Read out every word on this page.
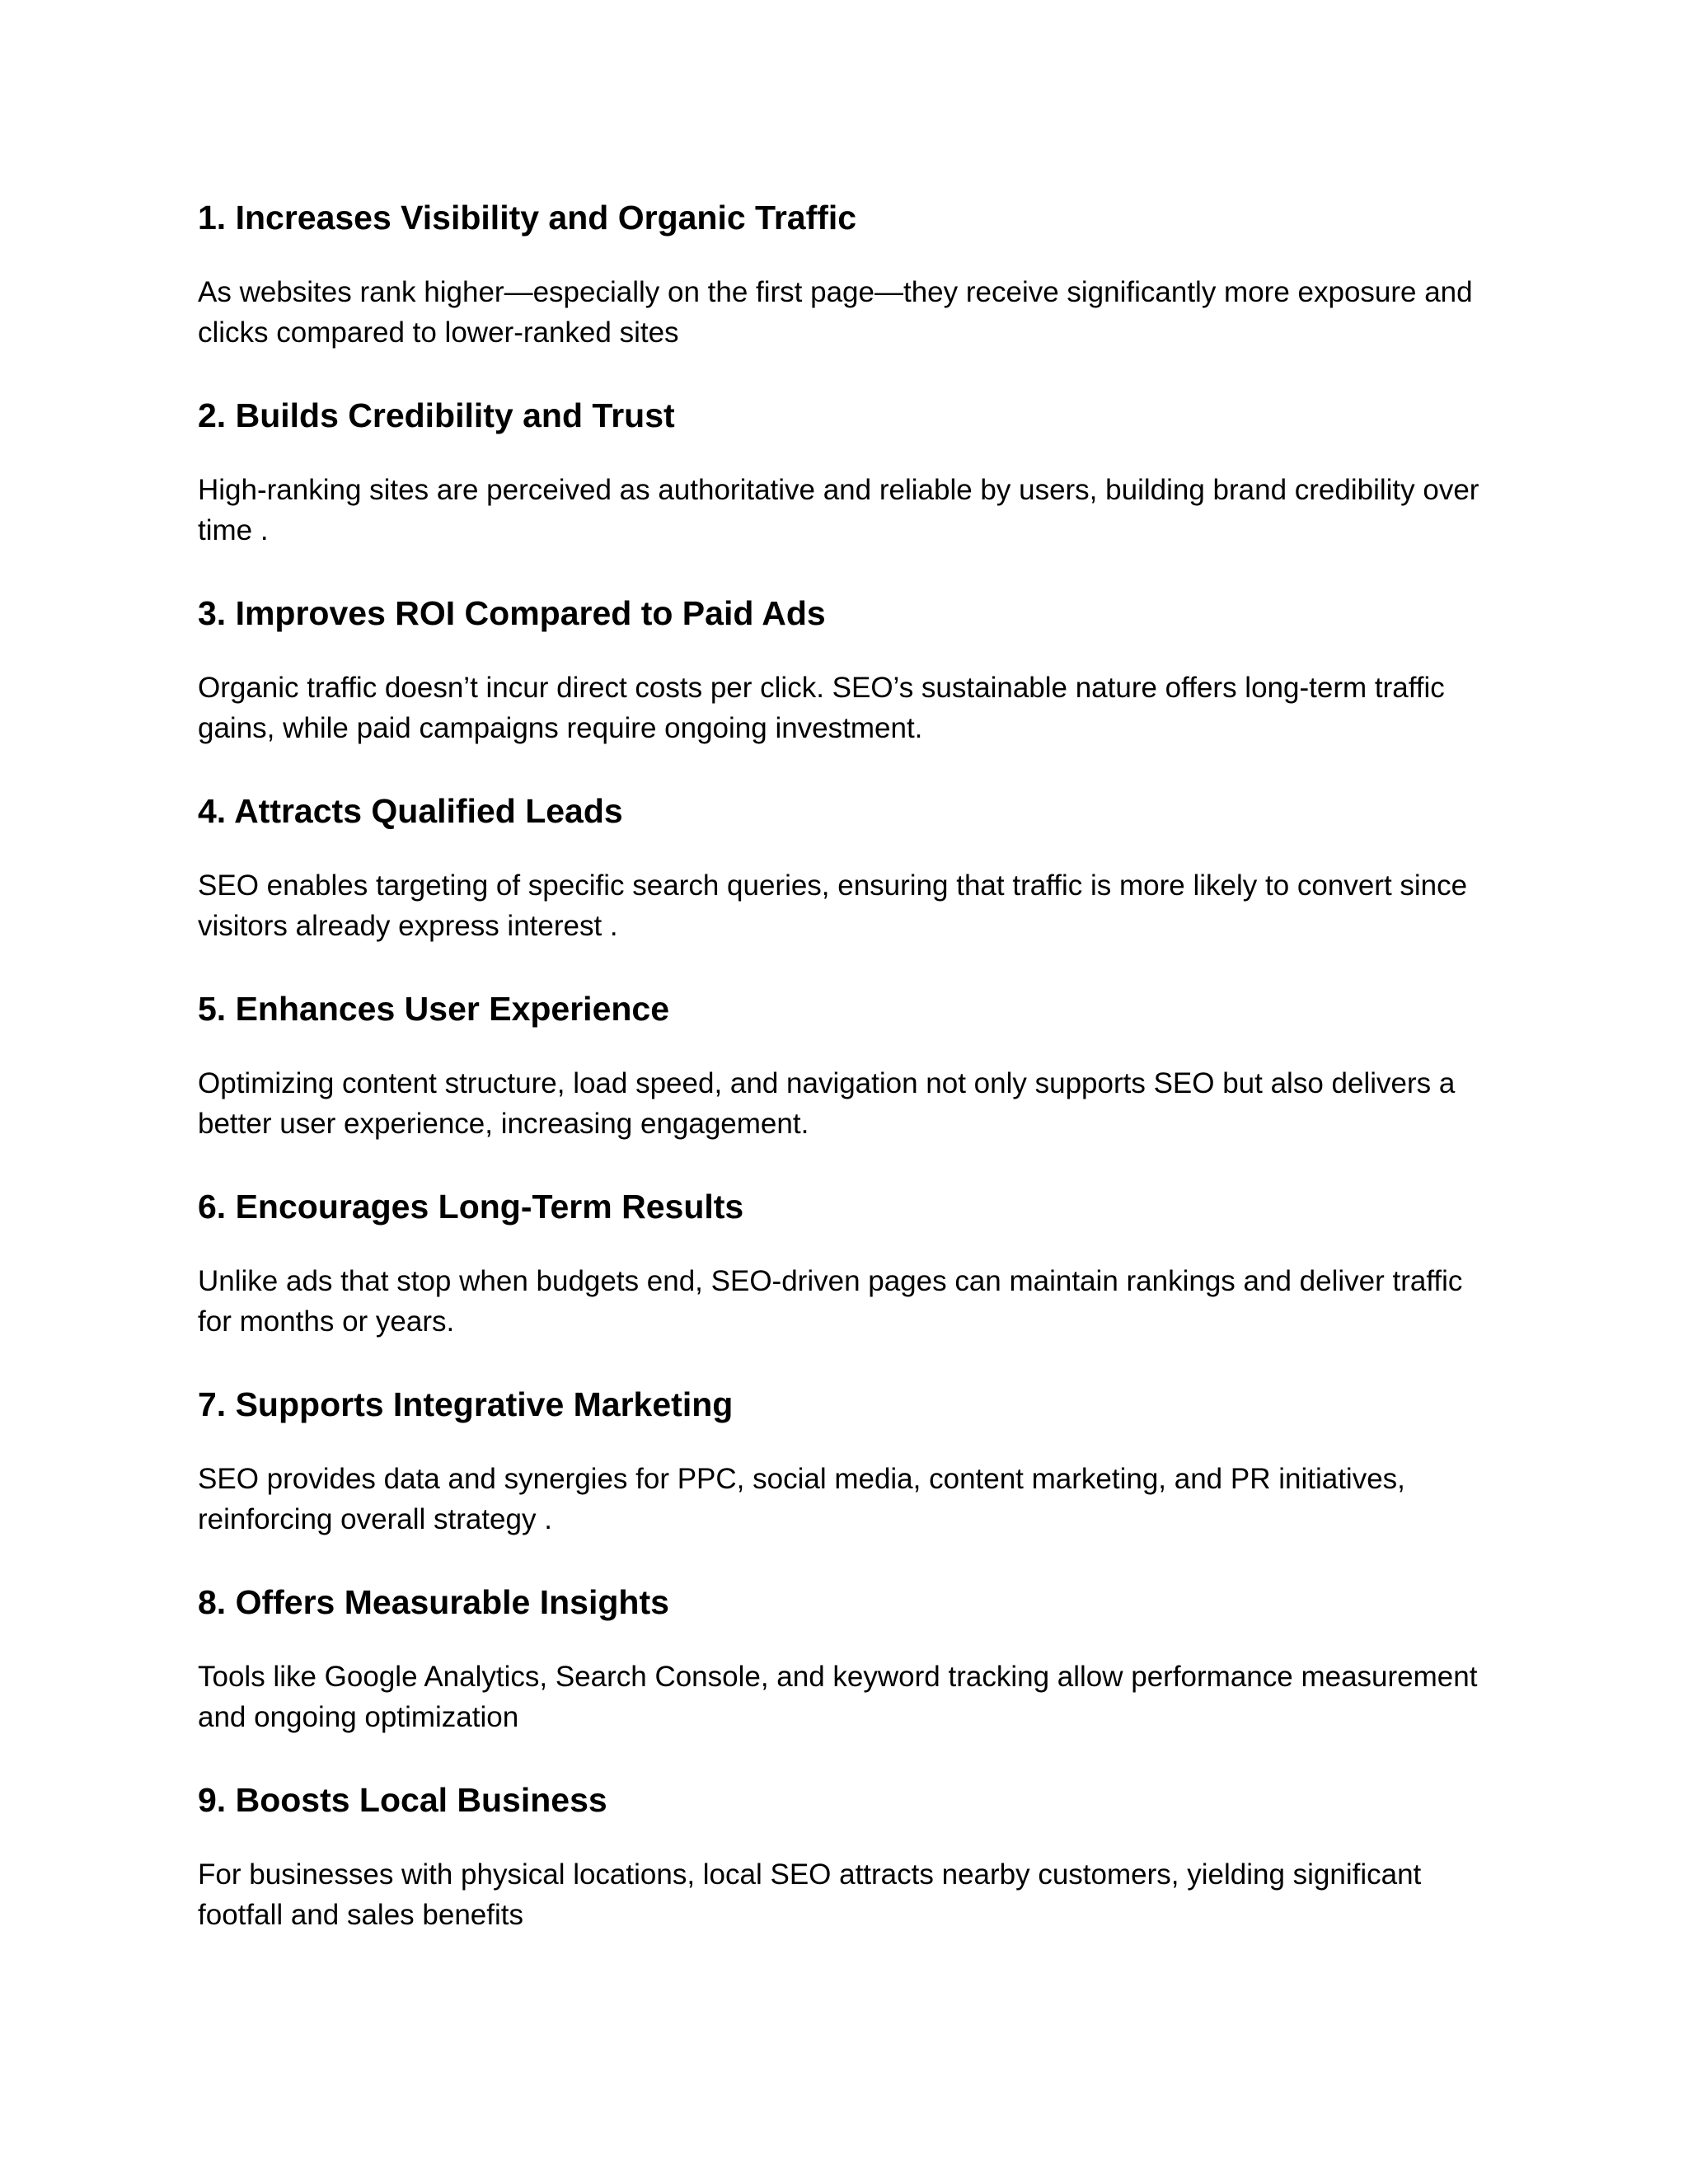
1. Increases Visibility and Organic Traffic

As websites rank higher—especially on the first page—they receive significantly more exposure and clicks compared to lower-ranked sites

2. Builds Credibility and Trust

High-ranking sites are perceived as authoritative and reliable by users, building brand credibility over time .

3. Improves ROI Compared to Paid Ads

Organic traffic doesn’t incur direct costs per click. SEO’s sustainable nature offers long-term traffic gains, while paid campaigns require ongoing investment.

4. Attracts Qualified Leads

SEO enables targeting of specific search queries, ensuring that traffic is more likely to convert since visitors already express interest .

5. Enhances User Experience

Optimizing content structure, load speed, and navigation not only supports SEO but also delivers a better user experience, increasing engagement.

6. Encourages Long-Term Results

Unlike ads that stop when budgets end, SEO-driven pages can maintain rankings and deliver traffic for months or years.

7. Supports Integrative Marketing

SEO provides data and synergies for PPC, social media, content marketing, and PR initiatives, reinforcing overall strategy .

8. Offers Measurable Insights

Tools like Google Analytics, Search Console, and keyword tracking allow performance measurement and ongoing optimization

9. Boosts Local Business

For businesses with physical locations, local SEO attracts nearby customers, yielding significant footfall and sales benefits
